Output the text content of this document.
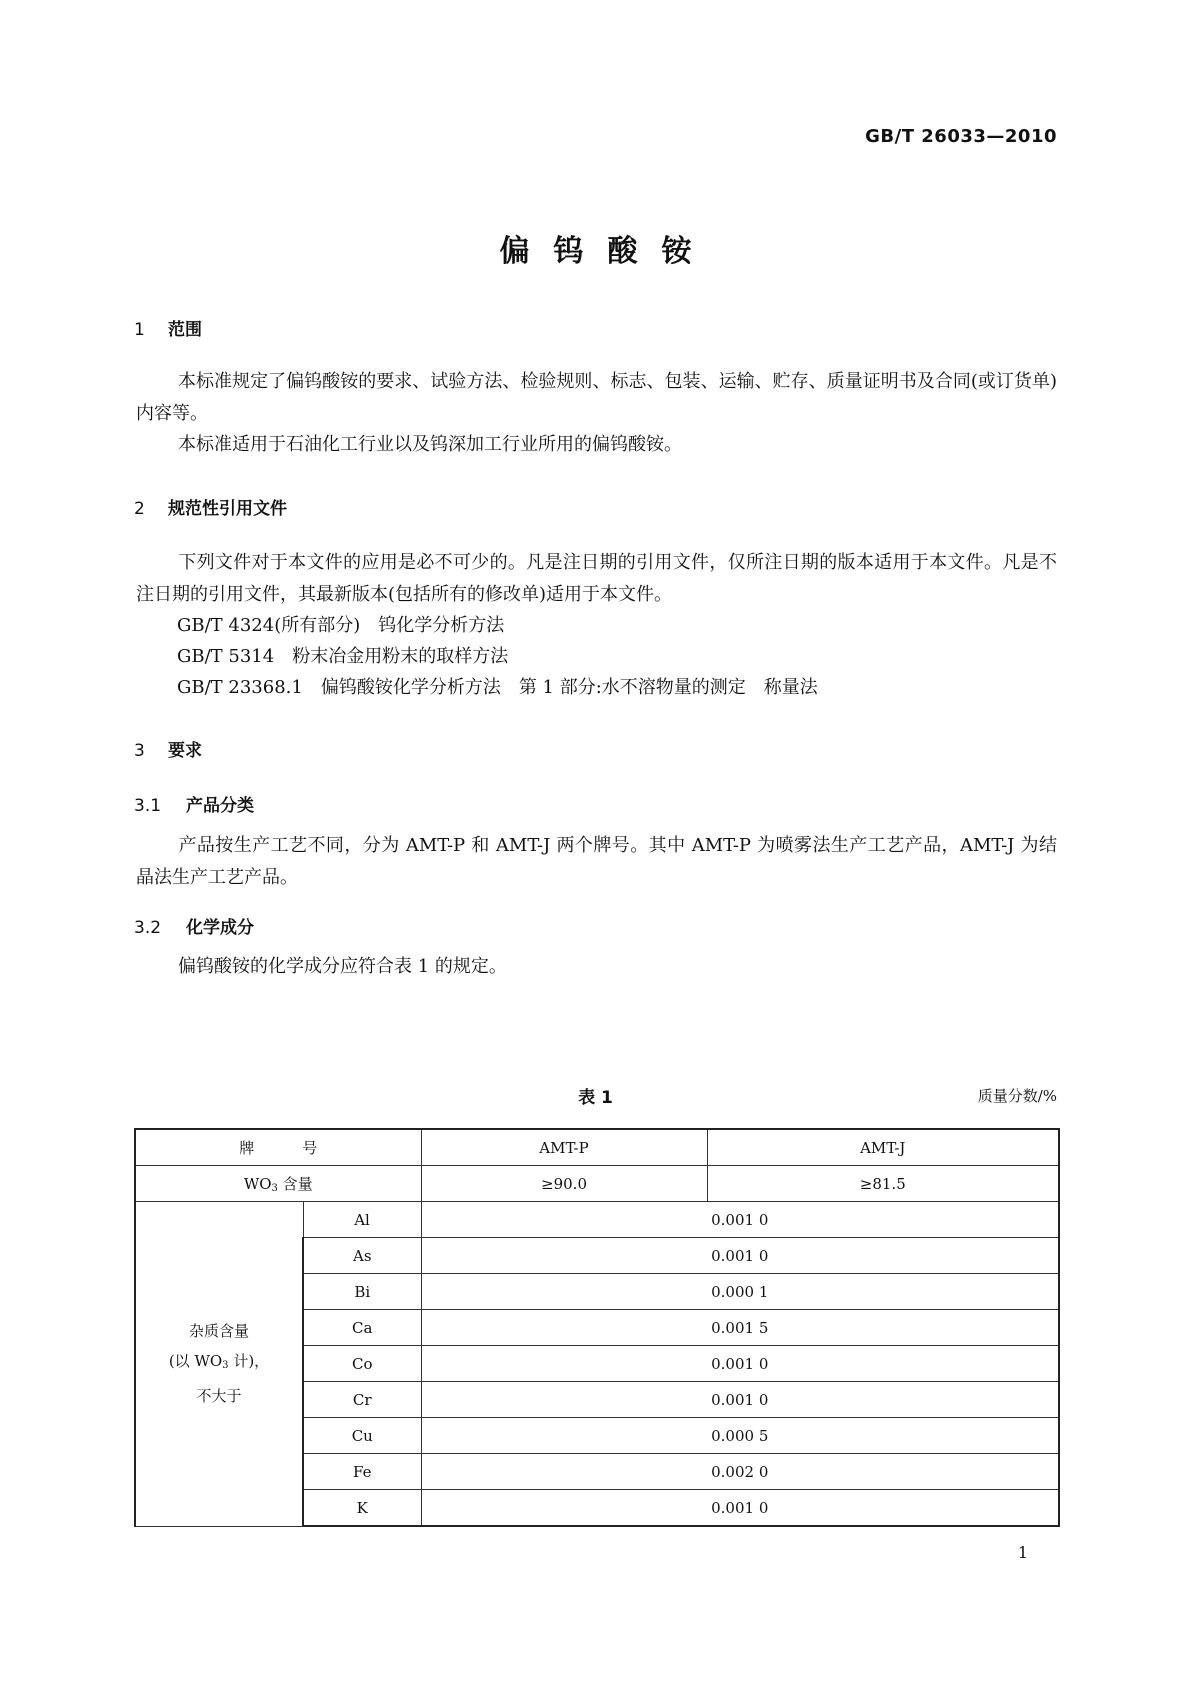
GB/T 26033—2010
偏钨酸铵
1 范围
本标准规定了偏钨酸铵的要求、试验方法、检验规则、标志、包装、运输、贮存、质量证明书及合同(或订货单)内容等。
本标准适用于石油化工行业以及钨深加工行业所用的偏钨酸铵。
2 规范性引用文件
下列文件对于本文件的应用是必不可少的。凡是注日期的引用文件，仅所注日期的版本适用于本文件。凡是不注日期的引用文件，其最新版本(包括所有的修改单)适用于本文件。
GB/T 4324(所有部分)　钨化学分析方法
GB/T 5314　粉末冶金用粉末的取样方法
GB/T 23368.1　偏钨酸铵化学分析方法　第 1 部分:水不溶物量的测定　称量法
3 要求
3.1 产品分类
产品按生产工艺不同，分为 AMT-P 和 AMT-J 两个牌号。其中 AMT-P 为喷雾法生产工艺产品，AMT-J 为结晶法生产工艺产品。
3.2 化学成分
偏钨酸铵的化学成分应符合表 1 的规定。
表 1	质量分数/%
牌号		AMT-P	AMT-J
$WO_3$ 含量		≥90.0	≥81.5

杂质含量
(以 $WO_3$ 计)，
不大于	Al	0.001 0	
	As	0.001 0	
	Bi	0.000 1	
	Ca	0.001 5	
	Co	0.001 0	
	Cr	0.001 0	
	Cu	0.000 5	
	Fe	0.002 0	
	K	0.001 0	
1
